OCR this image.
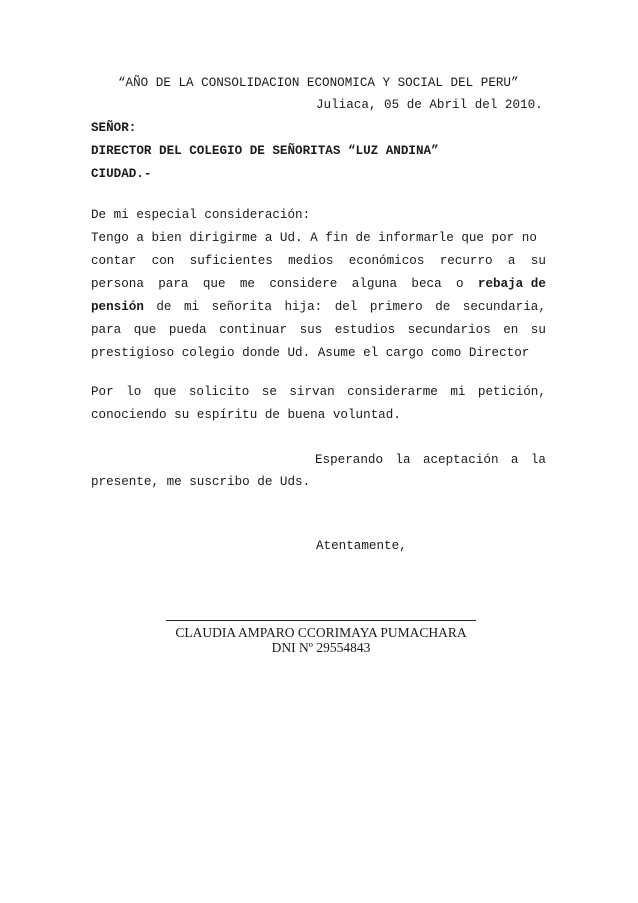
“AÑO DE LA CONSOLIDACION ECONOMICA Y SOCIAL DEL PERU”
Juliaca, 05 de Abril del 2010.
SEÑOR:
DIRECTOR DEL COLEGIO DE SEÑORITAS “LUZ ANDINA”
CIUDAD.-
De mi especial consideración:
Tengo a bien dirigirme a Ud. A fin de informarle que por no
contar con suficientes medios económicos recurro a su
persona para que me considere alguna beca o rebaja de
pensión de mi señorita hija: del primero de secundaria,
para que pueda continuar sus estudios secundarios en su
prestigioso colegio donde Ud. Asume el cargo como Director
Por lo que solicito se sirvan considerarme mi petición,
conociendo su espíritu de buena voluntad.
Esperando la aceptación a la
presente, me suscribo de Uds.
Atentamente,
CLAUDIA AMPARO CCORIMAYA PUMACHARA
DNI Nº 29554843
